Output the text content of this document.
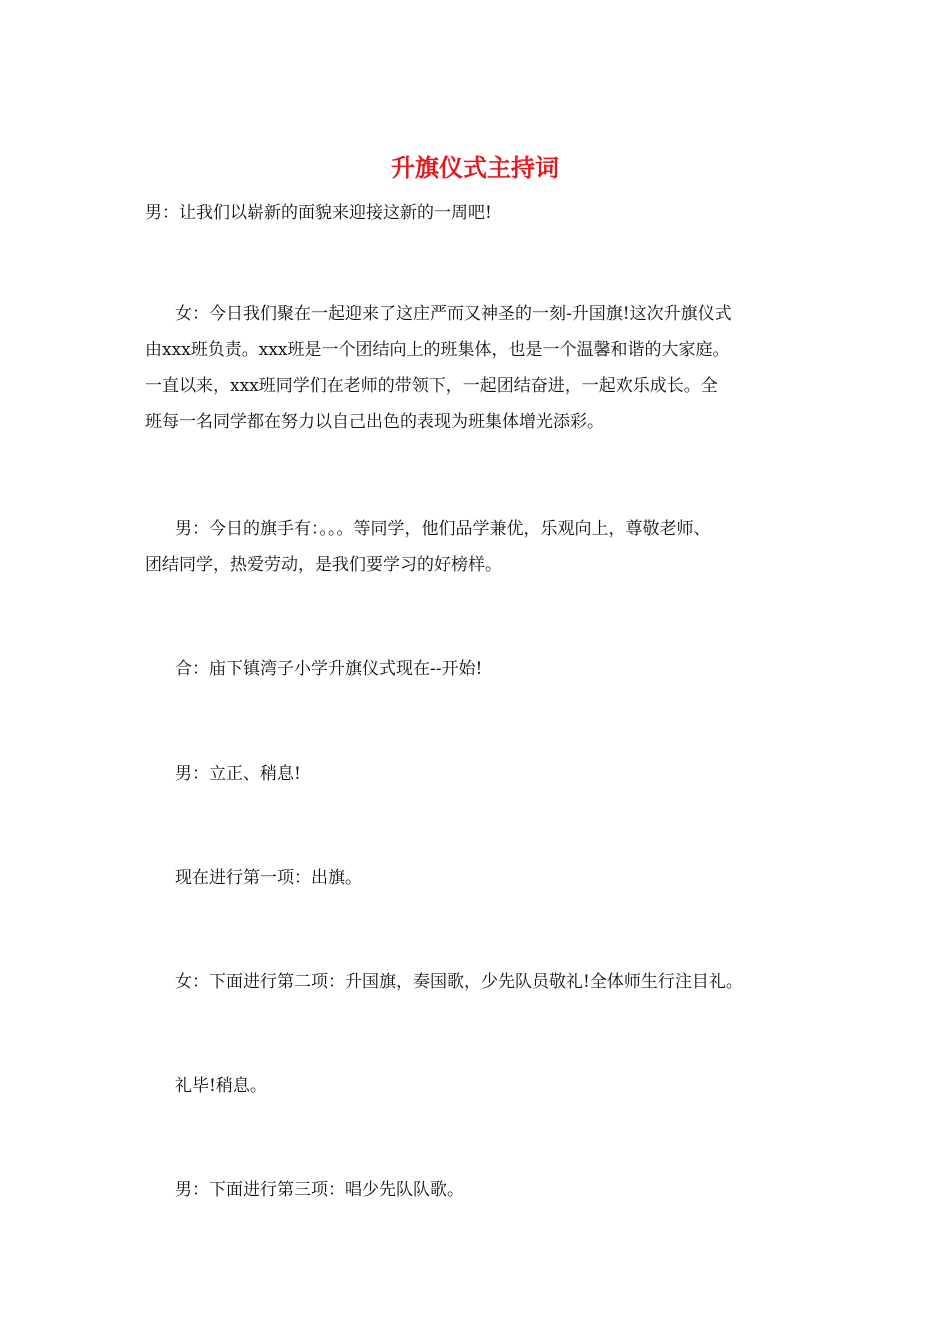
升旗仪式主持词

男：让我们以崭新的面貌来迎接这新的一周吧!

女：今日我们聚在一起迎来了这庄严而又神圣的一刻-升国旗!这次升旗仪式
由xxx班负责。xxx班是一个团结向上的班集体，也是一个温馨和谐的大家庭。
一直以来，xxx班同学们在老师的带领下，一起团结奋进，一起欢乐成长。全
班每一名同学都在努力以自己出色的表现为班集体增光添彩。

男：今日的旗手有：。。。等同学，他们品学兼优，乐观向上，尊敬老师、
团结同学，热爱劳动，是我们要学习的好榜样。

合：庙下镇湾子小学升旗仪式现在--开始!

男：立正、稍息!

现在进行第一项：出旗。

女：下面进行第二项：升国旗，奏国歌，少先队员敬礼!全体师生行注目礼。

礼毕!稍息。

男：下面进行第三项：唱少先队队歌。
